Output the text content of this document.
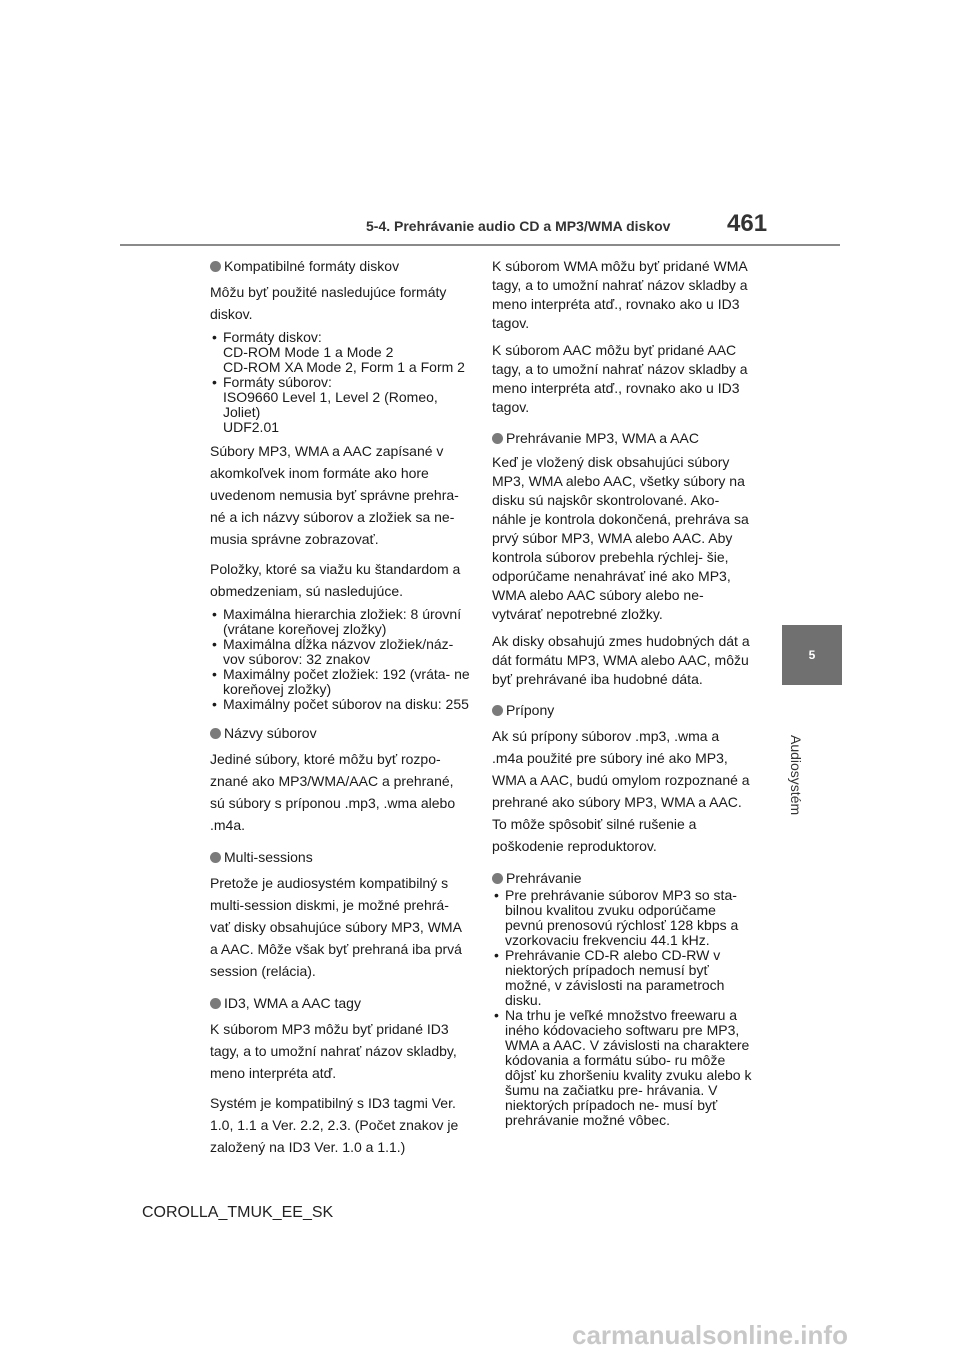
5-4. Prehrávanie audio CD a MP3/WMA diskov 461
5
Audiosystém
Kompatibilné formáty diskov

Môžu byť použité nasledujúce formáty diskov.

• Formáty diskov:
CD-ROM Mode 1 a Mode 2
CD-ROM XA Mode 2, Form 1 a Form 2
• Formáty súborov:
ISO9660 Level 1, Level 2 (Romeo, Joliet)
UDF2.01

Súbory MP3, WMA a AAC zapísané v akomkoľvek inom formáte ako hore uvedenom nemusia byť správne prehra- né a ich názvy súborov a zložiek sa ne- musia správne zobrazovať.

Položky, ktoré sa viažu ku štandardom a obmedzeniam, sú nasledujúce.

• Maximálna hierarchia zložiek: 8 úrovní (vrátane koreňovej zložky)
• Maximálna dĺžka názvov zložiek/náz- vov súborov: 32 znakov
• Maximálny počet zložiek: 192 (vráta- ne koreňovej zložky)
• Maximálny počet súborov na disku: 255
Názvy súborov

Jediné súbory, ktoré môžu byť rozpo- znané ako MP3/WMA/AAC a prehrané, sú súbory s príponou .mp3, .wma alebo .m4a.

Multi-sessions

Pretože je audiosystém kompatibilný s multi-session diskmi, je možné prehrá- vať disky obsahujúce súbory MP3, WMA a AAC. Môže však byť prehraná iba prvá session (relácia).

ID3, WMA a AAC tagy

K súborom MP3 môžu byť pridané ID3 tagy, a to umožní nahrať názov skladby, meno interpréta atď.

Systém je kompatibilný s ID3 tagmi Ver. 1.0, 1.1 a Ver. 2.2, 2.3. (Počet znakov je založený na ID3 Ver. 1.0 a 1.1.)

K súborom WMA môžu byť pridané WMA tagy, a to umožní nahrať názov skladby a meno interpréta atď., rovnako ako u ID3 tagov.

K súborom AAC môžu byť pridané AAC tagy, a to umožní nahrať názov skladby a meno interpréta atď., rovnako ako u ID3 tagov.

Prehrávanie MP3, WMA a AAC

Keď je vložený disk obsahujúci súbory MP3, WMA alebo AAC, všetky súbory na disku sú najskôr skontrolované. Ako- náhle je kontrola dokončená, prehráva sa prvý súbor MP3, WMA alebo AAC. Aby kontrola súborov prebehla rýchlej- šie, odporúčame nenahrávať iné ako MP3, WMA alebo AAC súbory alebo ne- vytvárať nepotrebné zložky.

Ak disky obsahujú zmes hudobných dát a dát formátu MP3, WMA alebo AAC, môžu byť prehrávané iba hudobné dáta.

Prípony

Ak sú prípony súborov .mp3, .wma a .m4a použité pre súbory iné ako MP3, WMA a AAC, budú omylom rozpoznané a prehrané ako súbory MP3, WMA a AAC. To môže spôsobiť silné rušenie a poškodenie reproduktorov.

Prehrávanie
• Pre prehrávanie súborov MP3 so sta- bilnou kvalitou zvuku odporúčame pevnú prenosovú rýchlosť 128 kbps a vzorkovaciu frekvenciu 44.1 kHz.
• Prehrávanie CD-R alebo CD-RW v niektorých prípadoch nemusí byť možné, v závislosti na parametroch disku.
• Na trhu je veľké množstvo freewaru a iného kódovacieho softwaru pre MP3, WMA a AAC. V závislosti na charaktere kódovania a formátu súbo- ru môže dôjsť ku zhoršeniu kvality zvuku alebo k šumu na začiatku pre- hrávania. V niektorých prípadoch ne- musí byť prehrávanie možné vôbec.
COROLLA_TMUK_EE_SK
carmanualsonline.info
